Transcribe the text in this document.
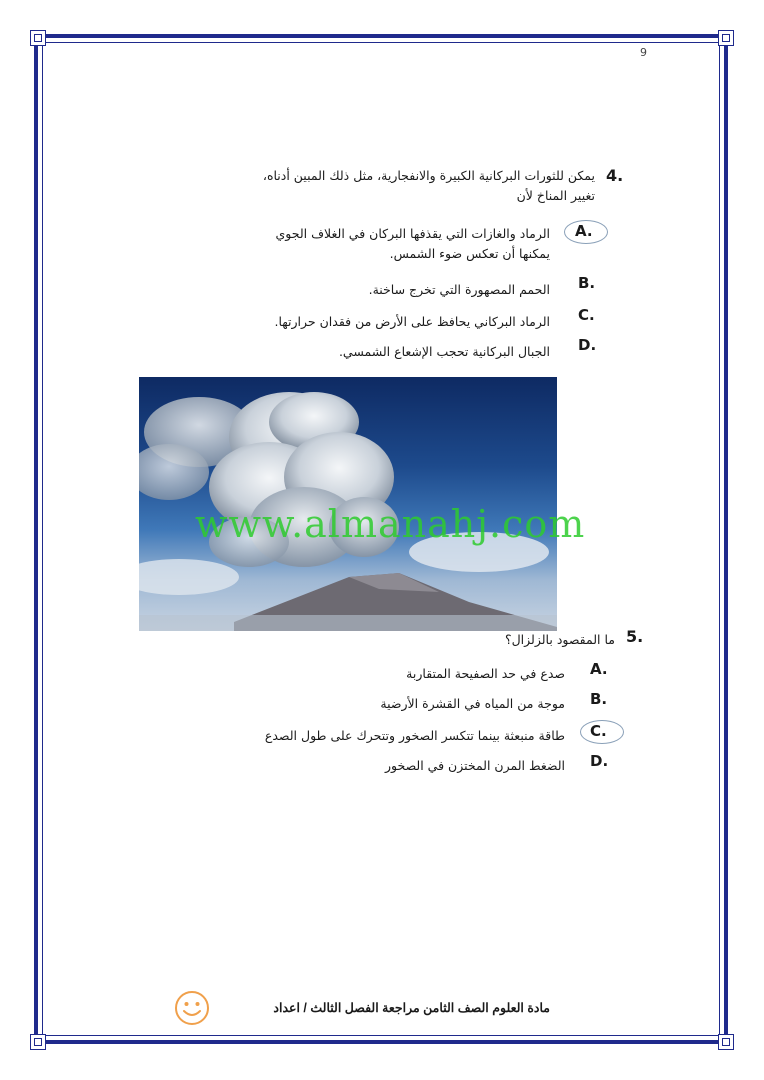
9
4.
يمكن للثورات البركانية الكبيرة والانفجارية، مثل ذلك المبين أدناه،
تغيير المناخ لأن
A.
الرماد والغازات التي يقذفها البركان في الغلاف الجوي
يمكنها أن تعكس ضوء الشمس.
B.
الحمم المصهورة التي تخرج ساخنة.
C.
الرماد البركاني يحافظ على الأرض من فقدان حرارتها.
D.
الجبال البركانية تحجب الإشعاع الشمسي.
www.almanahj.com
5.
ما المقصود بالزلزال؟
A.
صدع في حد الصفيحة المتقاربة
B.
موجة من المياه في القشرة الأرضية
C.
طاقة منبعثة بينما تتكسر الصخور وتتحرك على طول الصدع
D.
الضغط المرن المختزن في الصخور
مادة العلوم الصف الثامن مراجعة الفصل الثالث / اعداد
